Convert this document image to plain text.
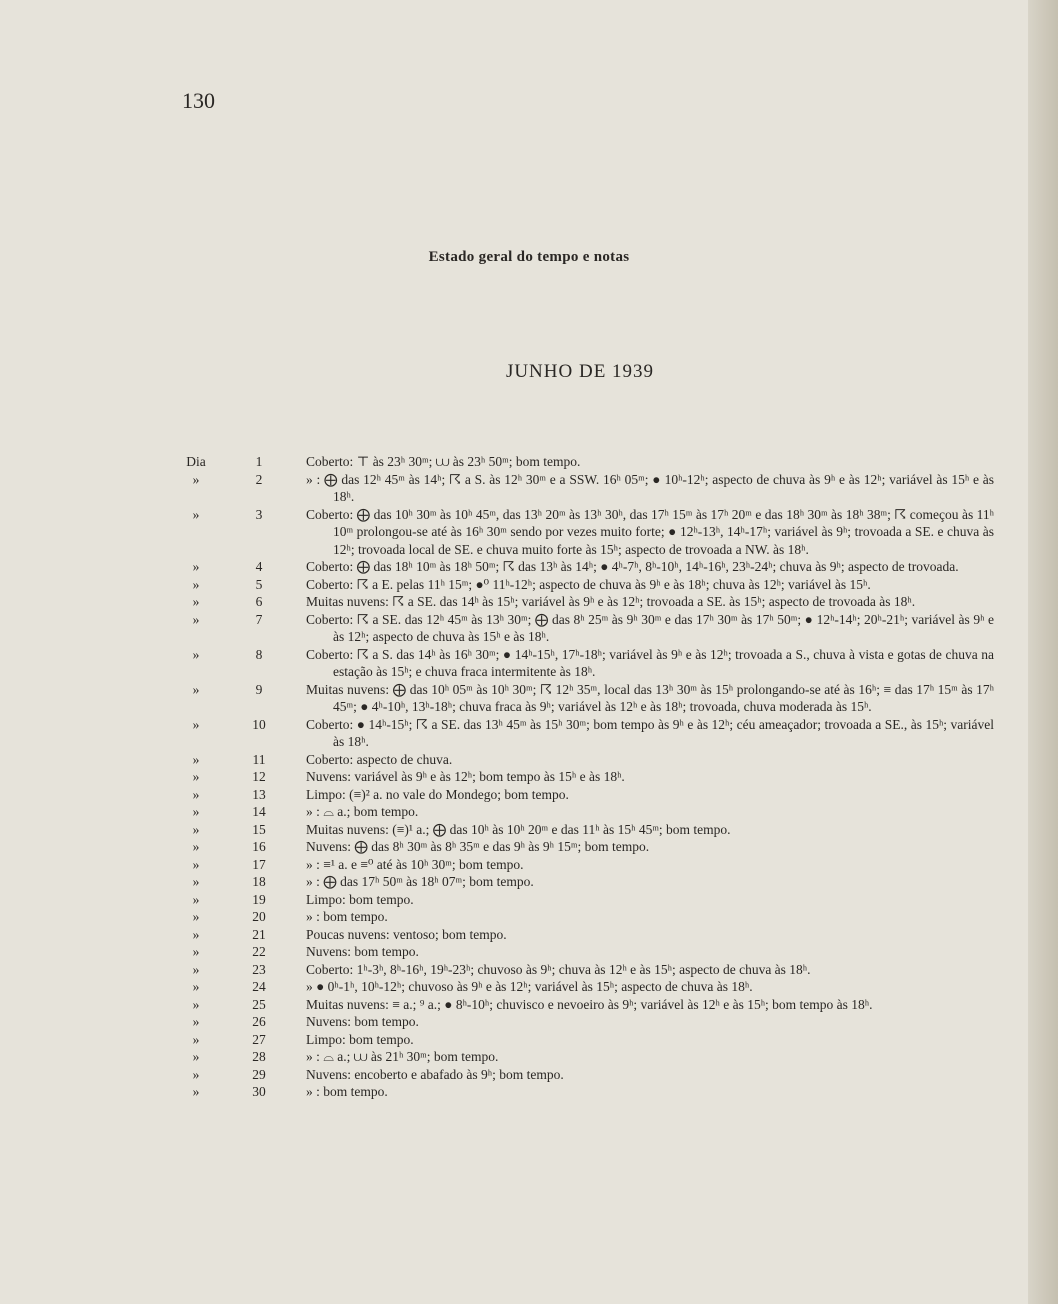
130
Estado geral do tempo e notas
JUNHO DE 1939
Dia	1	Coberto: ⊤ às 23ʰ 30ᵐ; ⩊ às 23ʰ 50ᵐ; bom tempo.
»	2	» : ⨁ das 12ʰ 45ᵐ às 14ʰ; ☈ a S. às 12ʰ 30ᵐ e a SSW. 16ʰ 05ᵐ; ● 10ʰ-12ʰ; aspecto de chuva às 9ʰ e às 12ʰ; variável às 15ʰ e às 18ʰ.
»	3	Coberto: ⨁ das 10ʰ 30ᵐ às 10ʰ 45ᵐ, das 13ʰ 20ᵐ às 13ʰ 30ʰ, das 17ʰ 15ᵐ às 17ʰ 20ᵐ e das 18ʰ 30ᵐ às 18ʰ 38ᵐ; ☈ começou às 11ʰ 10ᵐ prolongou-se até às 16ʰ 30ᵐ sendo por vezes muito forte; ● 12ʰ-13ʰ, 14ʰ-17ʰ; variável às 9ʰ; trovoada a SE. e chuva às 12ʰ; trovoada local de SE. e chuva muito forte às 15ʰ; aspecto de trovoada a NW. às 18ʰ.
»	4	Coberto: ⨁ das 18ʰ 10ᵐ às 18ʰ 50ᵐ; ☈ das 13ʰ às 14ʰ; ● 4ʰ-7ʰ, 8ʰ-10ʰ, 14ʰ-16ʰ, 23ʰ-24ʰ; chuva às 9ʰ; aspecto de trovoada.
»	5	Coberto: ☈ a E. pelas 11ʰ 15ᵐ; ●⁰ 11ʰ-12ʰ; aspecto de chuva às 9ʰ e às 18ʰ; chuva às 12ʰ; variável às 15ʰ.
»	6	Muitas nuvens: ☈ a SE. das 14ʰ às 15ʰ; variável às 9ʰ e às 12ʰ; trovoada a SE. às 15ʰ; aspecto de trovoada às 18ʰ.
»	7	Coberto: ☈ a SE. das 12ʰ 45ᵐ às 13ʰ 30ᵐ; ⨁ das 8ʰ 25ᵐ às 9ʰ 30ᵐ e das 17ʰ 30ᵐ às 17ʰ 50ᵐ; ● 12ʰ-14ʰ; 20ʰ-21ʰ; variável às 9ʰ e às 12ʰ; aspecto de chuva às 15ʰ e às 18ʰ.
»	8	Coberto: ☈ a S. das 14ʰ às 16ʰ 30ᵐ; ● 14ʰ-15ʰ, 17ʰ-18ʰ; variável às 9ʰ e às 12ʰ; trovoada a S., chuva à vista e gotas de chuva na estação às 15ʰ; e chuva fraca intermitente às 18ʰ.
»	9	Muitas nuvens: ⨁ das 10ʰ 05ᵐ às 10ʰ 30ᵐ; ☈ 12ʰ 35ᵐ, local das 13ʰ 30ᵐ às 15ʰ prolongando-se até às 16ʰ; ≡ das 17ʰ 15ᵐ às 17ʰ 45ᵐ; ● 4ʰ-10ʰ, 13ʰ-18ʰ; chuva fraca às 9ʰ; variável às 12ʰ e às 18ʰ; trovoada, chuva moderada às 15ʰ.
»	10	Coberto: ● 14ʰ-15ʰ; ☈ a SE. das 13ʰ 45ᵐ às 15ʰ 30ᵐ; bom tempo às 9ʰ e às 12ʰ; céu ameaçador; trovoada a SE., às 15ʰ; variável às 18ʰ.
»	11	Coberto: aspecto de chuva.
»	12	Nuvens: variável às 9ʰ e às 12ʰ; bom tempo às 15ʰ e às 18ʰ.
»	13	Limpo: (≡)² a. no vale do Mondego; bom tempo.
»	14	» : ⌓ a.; bom tempo.
»	15	Muitas nuvens: (≡)¹ a.; ⨁ das 10ʰ às 10ʰ 20ᵐ e das 11ʰ às 15ʰ 45ᵐ; bom tempo.
»	16	Nuvens: ⨁ das 8ʰ 30ᵐ às 8ʰ 35ᵐ e das 9ʰ às 9ʰ 15ᵐ; bom tempo.
»	17	» : ≡¹ a. e ≡⁰ até às 10ʰ 30ᵐ; bom tempo.
»	18	» : ⨁ das 17ʰ 50ᵐ às 18ʰ 07ᵐ; bom tempo.
»	19	Limpo: bom tempo.
»	20	» : bom tempo.
»	21	Poucas nuvens: ventoso; bom tempo.
»	22	Nuvens: bom tempo.
»	23	Coberto: 1ʰ-3ʰ, 8ʰ-16ʰ, 19ʰ-23ʰ; chuvoso às 9ʰ; chuva às 12ʰ e às 15ʰ; aspecto de chuva às 18ʰ.
»	24	» ● 0ʰ-1ʰ, 10ʰ-12ʰ; chuvoso às 9ʰ e às 12ʰ; variável às 15ʰ; aspecto de chuva às 18ʰ.
»	25	Muitas nuvens: ≡ a.; ⁹ a.; ● 8ʰ-10ʰ; chuvisco e nevoeiro às 9ʰ; variável às 12ʰ e às 15ʰ; bom tempo às 18ʰ.
»	26	Nuvens: bom tempo.
»	27	Limpo: bom tempo.
»	28	» : ⌓ a.; ⩊ às 21ʰ 30ᵐ; bom tempo.
»	29	Nuvens: encoberto e abafado às 9ʰ; bom tempo.
»	30	» : bom tempo.
